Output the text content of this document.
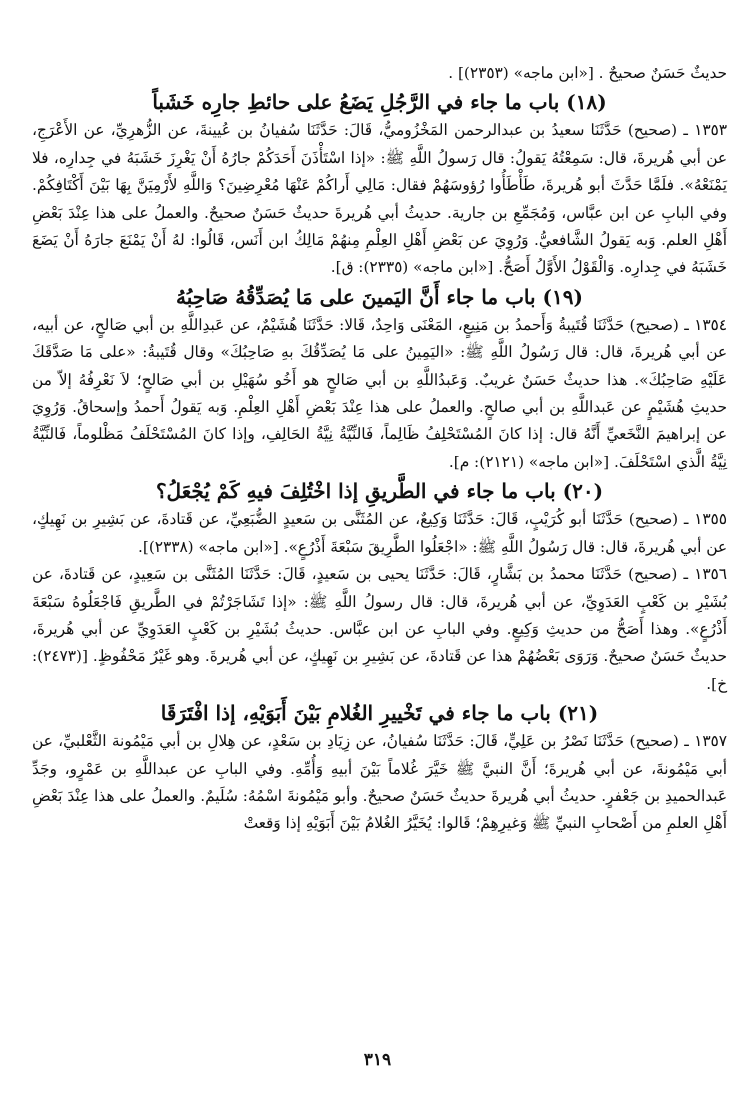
حديثٌ حَسَنٌ صحيحٌ . [«ابن ماجه» (٢٣٥٣)] .

(١٨) باب ما جاء في الرَّجُلِ يَضَعُ على حائطِ جارِه خَشَباً

١٣٥٣ ـ (صحيح) حَدَّثَنَا سعيدُ بن عبدالرحمن المَخْزُوميُّ، قَالَ: حَدَّثَنَا سُفيانُ بن عُيينةَ، عن الزُّهرِيِّ، عن الأَعْرَجِ، عن أبي هُريرةَ، قال: سَمِعْتُهُ يَقولُ: قال رَسولُ اللَّهِ ﷺ: «إذا اسْتَأْذَنَ أَحَدَكُمْ جارُهُ أَنْ يَغْرِزَ خَشَبَهُ في جِدارِه، فلا يَمْنَعْهُ». فلَمَّا حَدَّثَ أبو هُريرةَ، طَأْطَأُوا رُؤوسَهُمْ فقال: مَالِي أَراكُمْ عَنْهَا مُعْرِضِينَ؟ وَاللَّهِ لأَرْمِيَنَّ بِهَا بَيْنَ أَكْتَافِكُمْ. وفي البابِ عن ابن عبَّاس، وَمُجَمِّعِ بن جارية. حديثُ أبي هُريرةَ حديثٌ حَسَنٌ صحيحٌ. والعملُ على هذا عِنْدَ بَعْضِ أَهْلِ العلم. وَبه يَقولُ الشَّافعيُّ. وَرُوِيَ عن بَعْضِ أَهْلِ العِلْمِ مِنهُمْ مَالِكُ ابن أَنَس، قَالُوا: لهُ أَنْ يَمْنَعَ جارَهُ أَنْ يَضَعَ خَشَبَهُ في جِدارِه. وَالْقَوْلُ الأَوَّلُ أَصَحُّ. [«ابن ماجه» (٢٣٣٥): ق].

(١٩) باب ما جاء أَنَّ اليَمينَ على مَا يُصَدِّقُهُ صَاحِبُهُ

١٣٥٤ ـ (صحيح) حَدَّثَنَا قُتَيبةُ وَأَحمدُ بن مَنِيعٍ، المَعْنَى وَاحِدٌ، قَالا: حَدَّثَنَا هُشَيْمٌ، عن عَبدِاللَّهِ بن أبي صَالحٍ، عن أبيه، عن أبي هُريرةَ، قال: قال رَسُولُ اللَّهِ ﷺ: «اليَمِينُ على مَا يُصَدِّقُكَ بهِ صَاحِبُكَ» وقال قُتَيبةُ: «على مَا صَدَّقَكَ عَلَيْهِ صَاحِبُكَ». هذا حديثٌ حَسَنٌ غريبٌ. وَعَبدُاللَّهِ بن أبي صَالحٍ هو أَخُو سُهَيْلِ بن أبي صَالحٍ؛ لاَ نَعْرِفُهُ إلاّ من حديثِ هُشَيْمٍ عن عَبداللَّهِ بن أبي صالحٍ. والعملُ على هذا عِنْدَ بَعْضِ أَهْلِ العِلْمِ. وَبه يَقولُ أَحمدُ وإسحاقُ. وَرُوِيَ عن إبراهيمَ النَّخَعيِّ أَنَّهُ قال: إذا كانَ المُسْتَحْلِفُ ظَالِماً، فَالنِّيَّةُ نِيَّةُ الحَالِفِ، وإذا كانَ المُسْتَحْلَفُ مَظْلوماً، فَالنِّيَّةُ نِيَّةُ الَّذي اسْتَحْلَفَ. [«ابن ماجه» (٢١٢١): م].

(٢٠) باب ما جاء في الطَّريقِ إذا اخْتُلِفَ فيهِ كَمْ يُجْعَلُ؟

١٣٥٥ ـ (صحيح) حَدَّثَنَا أبو كُرَيْبٍ، قَالَ: حَدَّثَنَا وَكِيعٌ، عن المُثَنَّى بن سَعيدٍ الضُّبَعِيِّ، عن قَتادةَ، عن بَشِيرِ بن نَهِيكٍ، عن أبي هُريرةَ، قال: قال رَسُولُ اللَّهِ ﷺ: «اجْعَلُوا الطَّرِيقَ سَبْعَةَ أَذْرُعٍ». [«ابن ماجه» (٢٣٣٨)].

١٣٥٦ ـ (صحيح) حَدَّثَنَا محمدُ بن بَشَّارٍ، قَالَ: حَدَّثَنَا يحيى بن سَعيدٍ، قَالَ: حَدَّثَنَا المُثَنَّى بن سَعِيدٍ، عن قَتادةَ، عن بُشَيْرِ بن كَعْبٍ العَدَوِيِّ، عن أبي هُريرةَ، قال: قال رسولُ اللَّهِ ﷺ: «إذا تَشَاجَرْتُمْ في الطَّريقِ فَاجْعَلُوهُ سَبْعَةَ أَذْرُعٍ». وهذا أَصَحُّ من حديثِ وَكِيعٍ. وفي البابِ عن ابن عبَّاس. حديثُ بُشَيْرِ بن كَعْبٍ العَدَوِيِّ عن أبي هُريرةَ، حديثٌ حَسَنٌ صحيحٌ. وَرَوَى بَعْضُهُمْ هذا عن قَتادةَ، عن بَشِيرِ بن نَهِيكٍ، عن أبي هُريرةَ. وهو غَيْرُ مَحْفُوظٍ. [(٢٤٧٣): خ].

(٢١) باب ما جاء في تَخْييرِ الغُلامِ بَيْنَ أَبَوَيْهِ، إذا افْتَرَقَا

١٣٥٧ ـ (صحيح) حَدَّثَنَا نَصْرُ بن عَلِيٍّ، قَالَ: حَدَّثَنَا سُفيانُ، عن زِيَادِ بن سَعْدٍ، عن هِلالِ بن أبي مَيْمُونة الثَّعْلبيِّ، عن أبي مَيْمُونةَ، عن أبي هُريرةَ؛ أَنَّ النبيَّ ﷺ خَيَّرَ غُلاماً بَيْنَ أبيهِ وَأُمِّهِ. وفي البابِ عن عبداللَّهِ بن عَمْرٍو، وجَدِّ عَبدالحميدِ بن جَعْفرٍ. حديثُ أبي هُريرةَ حديثٌ حَسَنٌ صحيحٌ. وأبو مَيْمُونةَ اسْمُهُ: سُلَيمٌ. والعملُ على هذا عِنْدَ بَعْضِ أَهْلِ العلمِ من أَصْحابِ النبيِّ ﷺ وَغيرِهِمْ؛ قَالوا: يُخَيَّرُ الغُلامُ بَيْنَ أَبَوَيْهِ إذا وَقعتْ

٣١٩
